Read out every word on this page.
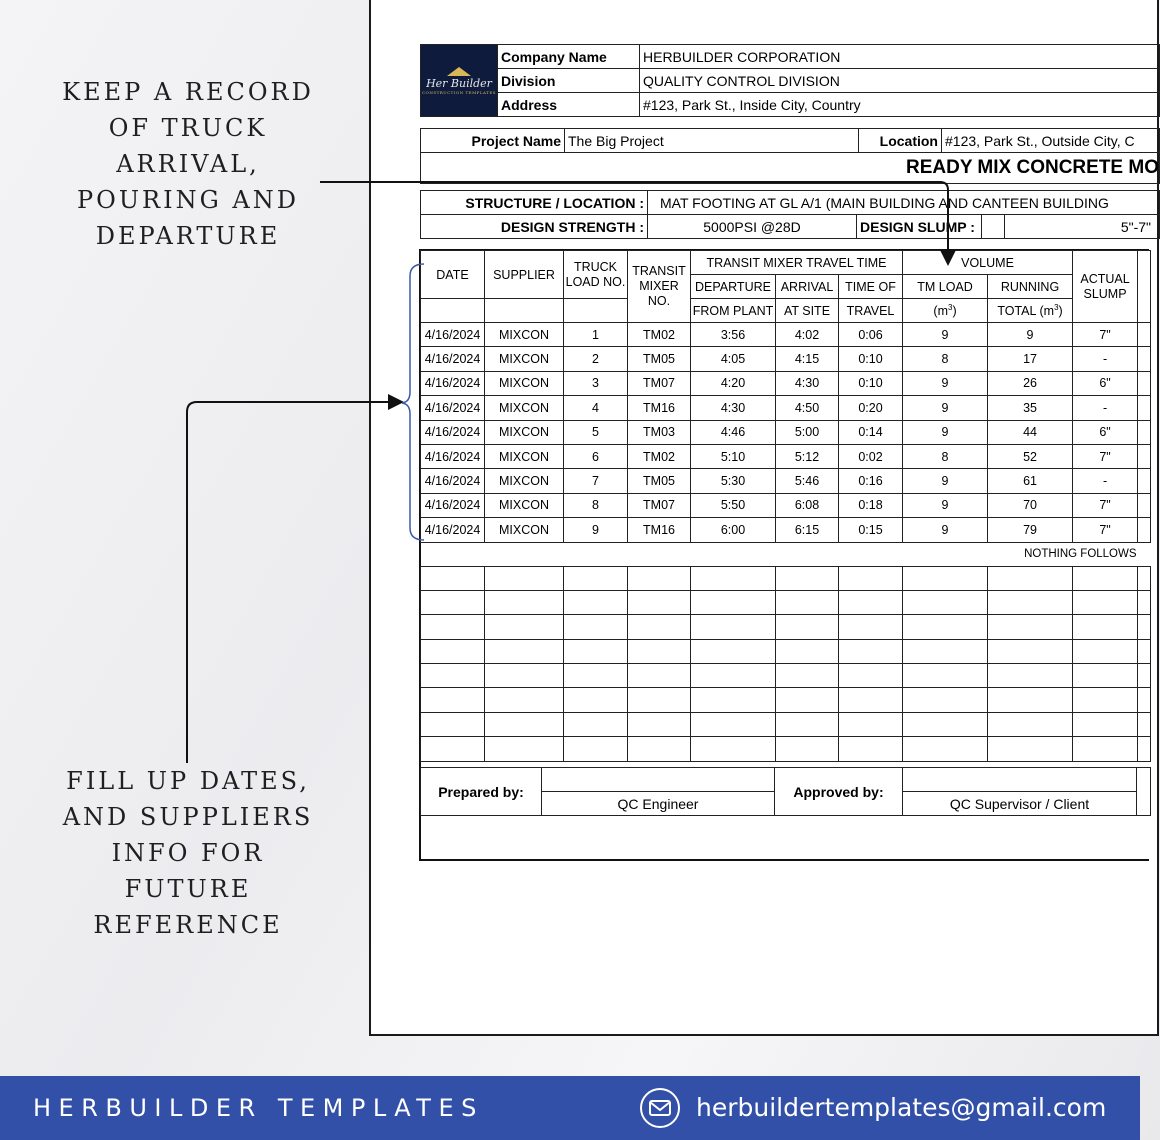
KEEP A RECORD
OF TRUCK
ARRIVAL,
POURING AND
DEPARTURE
FILL UP DATES,
AND SUPPLIERS
INFO FOR FUTURE
REFERENCE
Her Builder
CONSTRUCTION TEMPLATES	Company Name	HERBUILDER CORPORATION
	Division	QUALITY CONTROL DIVISION
	Address	#123, Park St., Inside City, Country
Project Name	The Big Project	Location	#123, Park St., Outside City, C
READY MIX CONCRETE MO
STRUCTURE / LOCATION :	MAT FOOTING AT GL A/1 (MAIN BUILDING AND CANTEEN BUILDING			
DESIGN STRENGTH :	5000PSI @28D	DESIGN SLUMP :		5"-7"
DATE	SUPPLIER	TRUCK LOAD NO.	TRANSIT MIXER NO.	TRANSIT MIXER TRAVEL TIME			VOLUME		ACTUAL SLUMP	
				DEPARTURE	ARRIVAL	TIME OF	TM LOAD	RUNNING		
				FROM PLANT	AT SITE	TRAVEL	$(m^3)$	TOTAL $(m^3)$		
4/16/2024	MIXCON	1	TM02	3:56	4:02	0:06	9	9	7"	
4/16/2024	MIXCON	2	TM05	4:05	4:15	0:10	8	17	-	
4/16/2024	MIXCON	3	TM07	4:20	4:30	0:10	9	26	6"	
4/16/2024	MIXCON	4	TM16	4:30	4:50	0:20	9	35	-	
4/16/2024	MIXCON	5	TM03	4:46	5:00	0:14	9	44	6"	
4/16/2024	MIXCON	6	TM02	5:10	5:12	0:02	8	52	7"	
4/16/2024	MIXCON	7	TM05	5:30	5:46	0:16	9	61	-	
4/16/2024	MIXCON	8	TM07	5:50	6:08	0:18	9	70	7"	
4/16/2024	MIXCON	9	TM16	6:00	6:15	0:15	9	79	7"	
NOTHING FOLLOWS										

Prepared by:		Approved by:		
	QC Engineer		QC Supervisor / Client	
HERBUILDER TEMPLATES	herbuildertemplates@gmail.com
